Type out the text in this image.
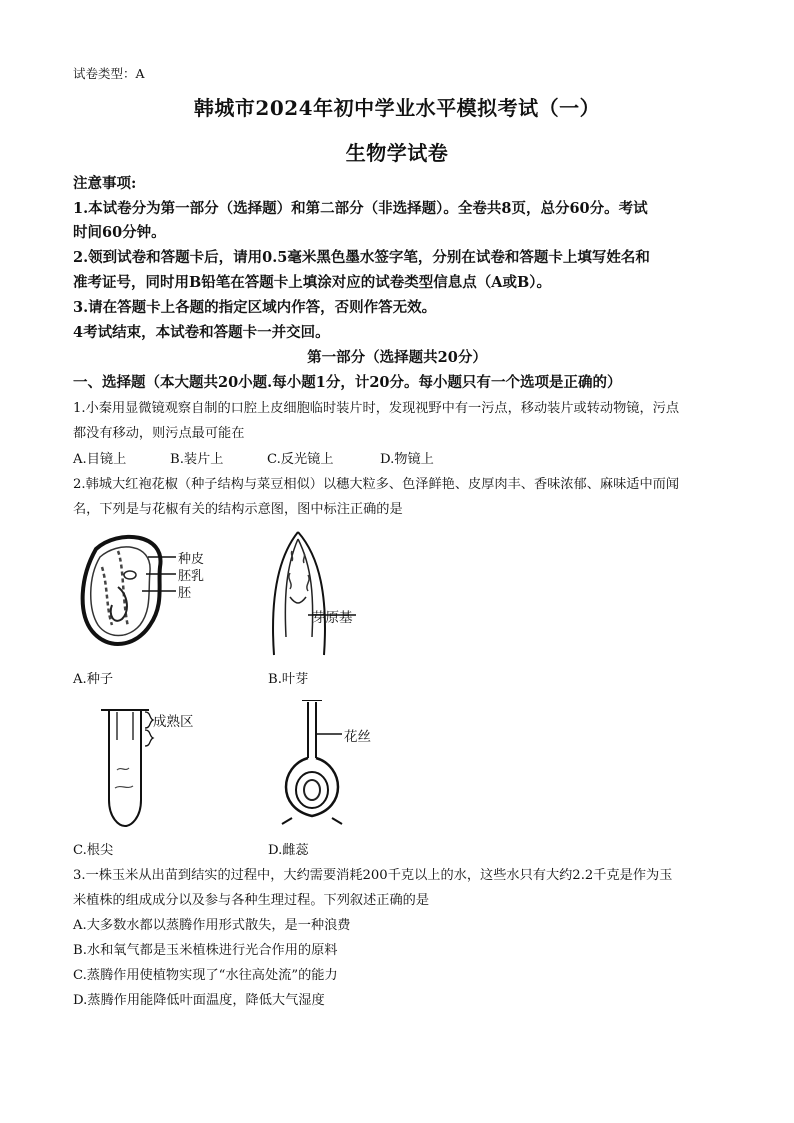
试卷类型：A
韩城市2024年初中学业水平模拟考试（一）
生物学试卷
注意事项:
1.本试卷分为第一部分（选择题）和第二部分（非选择题）。全卷共8页，总分60分。考试
时间60分钟。
2.领到试卷和答题卡后，请用0.5毫米黑色墨水签字笔，分别在试卷和答题卡上填写姓名和
准考证号，同时用B铅笔在答题卡上填涂对应的试卷类型信息点（A或B）。
3.请在答题卡上各题的指定区域内作答，否则作答无效。
4考试结束，本试卷和答题卡一并交回。
第一部分（选择题共20分）
一、选择题（本大题共20小题.每小题1分，计20分。每小题只有一个选项是正确的）
1.小秦用显微镜观察自制的口腔上皮细胞临时装片时，发现视野中有一污点，移动装片或转动物镜，污点
都没有移动，则污点最可能在
A.目镜上	B.装片上	C.反光镜上	D.物镜上
2.韩城大红袍花椒（种子结构与菜豆相似）以穗大粒多、色泽鲜艳、皮厚肉丰、香味浓郁、麻味适中而闻
名，下列是与花椒有关的结构示意图，图中标注正确的是
种皮
胚乳
胚
芽原基
A.种子	B.叶芽
成熟区
花丝
C.根尖	D.雌蕊
3.一株玉米从出苗到结实的过程中，大约需要消耗200千克以上的水，这些水只有大约2.2千克是作为玉
米植株的组成成分以及参与各种生理过程。下列叙述正确的是
A.大多数水都以蒸腾作用形式散失，是一种浪费
B.水和氧气都是玉米植株进行光合作用的原料
C.蒸腾作用使植物实现了“水往高处流”的能力
D.蒸腾作用能降低叶面温度，降低大气湿度
